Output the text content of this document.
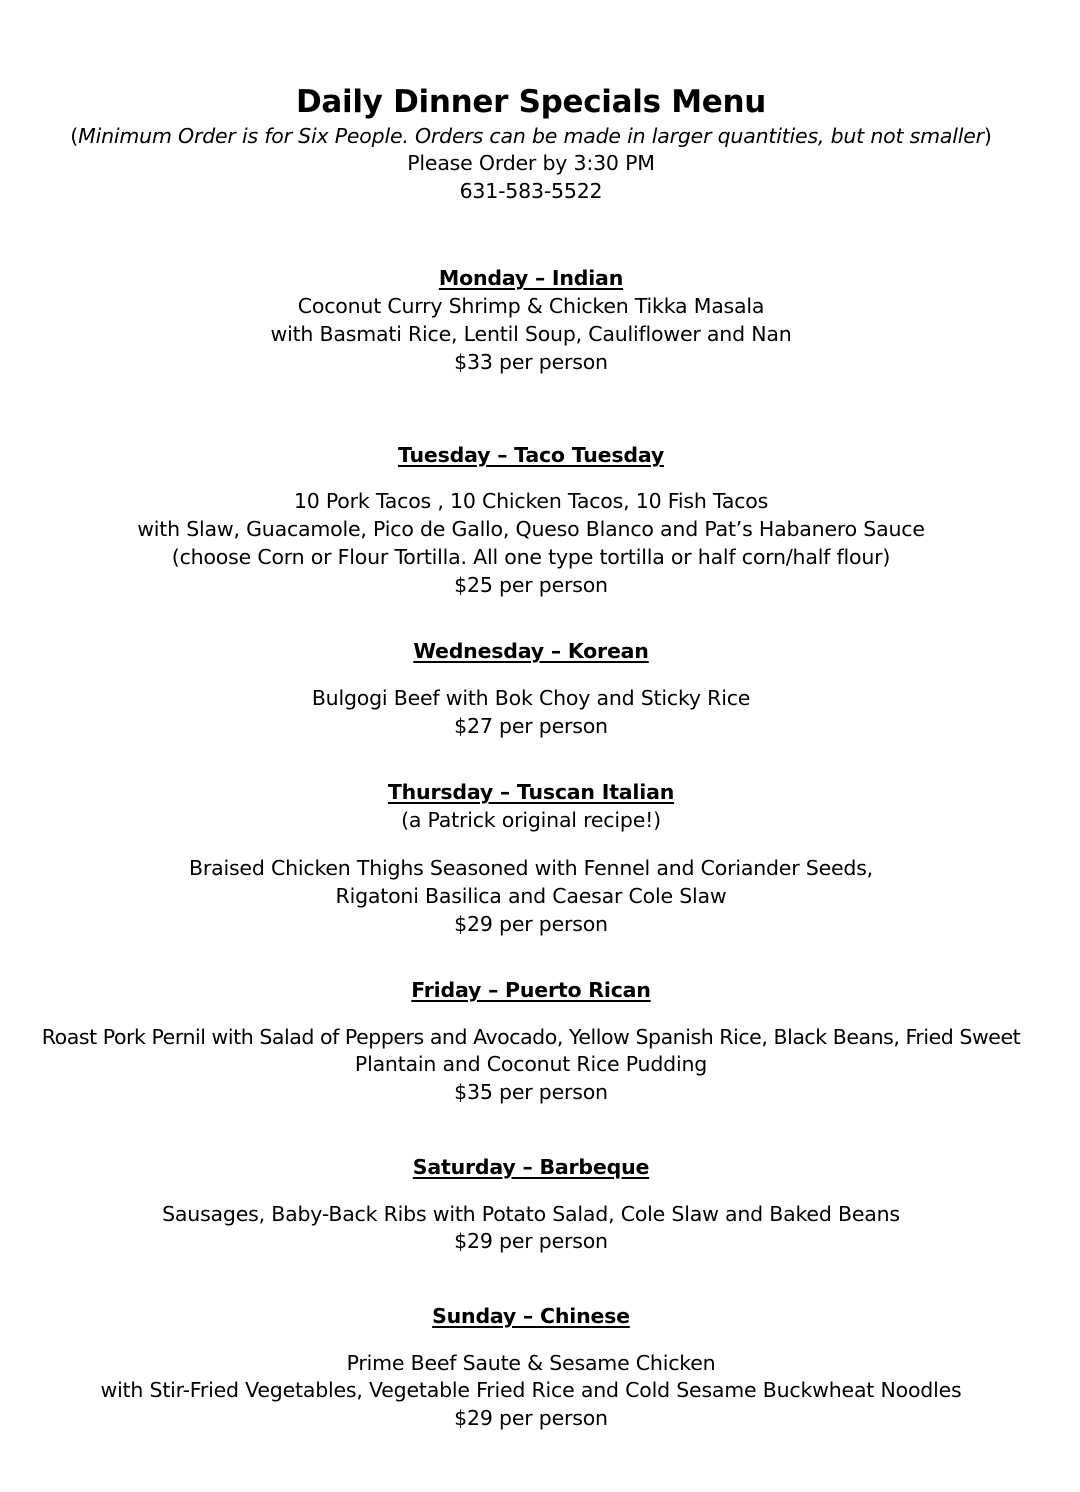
Daily Dinner Specials Menu
(Minimum Order is for Six People. Orders can be made in larger quantities, but not smaller)
Please Order by 3:30 PM
631-583-5522
Monday – Indian
Coconut Curry Shrimp & Chicken Tikka Masala
with Basmati Rice, Lentil Soup, Cauliflower and Nan
$33 per person
Tuesday – Taco Tuesday
10 Pork Tacos , 10 Chicken Tacos, 10 Fish Tacos
with Slaw, Guacamole, Pico de Gallo, Queso Blanco and Pat’s Habanero Sauce
(choose Corn or Flour Tortilla. All one type tortilla or half corn/half flour)
$25 per person
Wednesday – Korean
Bulgogi Beef with Bok Choy and Sticky Rice
$27 per person
Thursday – Tuscan Italian
(a Patrick original recipe!)
Braised Chicken Thighs Seasoned with Fennel and Coriander Seeds,
Rigatoni Basilica and Caesar Cole Slaw
$29 per person
Friday – Puerto Rican
Roast Pork Pernil with Salad of Peppers and Avocado, Yellow Spanish Rice, Black Beans, Fried Sweet
Plantain and Coconut Rice Pudding
$35 per person
Saturday – Barbeque
Sausages, Baby-Back Ribs with Potato Salad, Cole Slaw and Baked Beans
$29 per person
Sunday – Chinese
Prime Beef Saute & Sesame Chicken
with Stir-Fried Vegetables, Vegetable Fried Rice and Cold Sesame Buckwheat Noodles
$29 per person
